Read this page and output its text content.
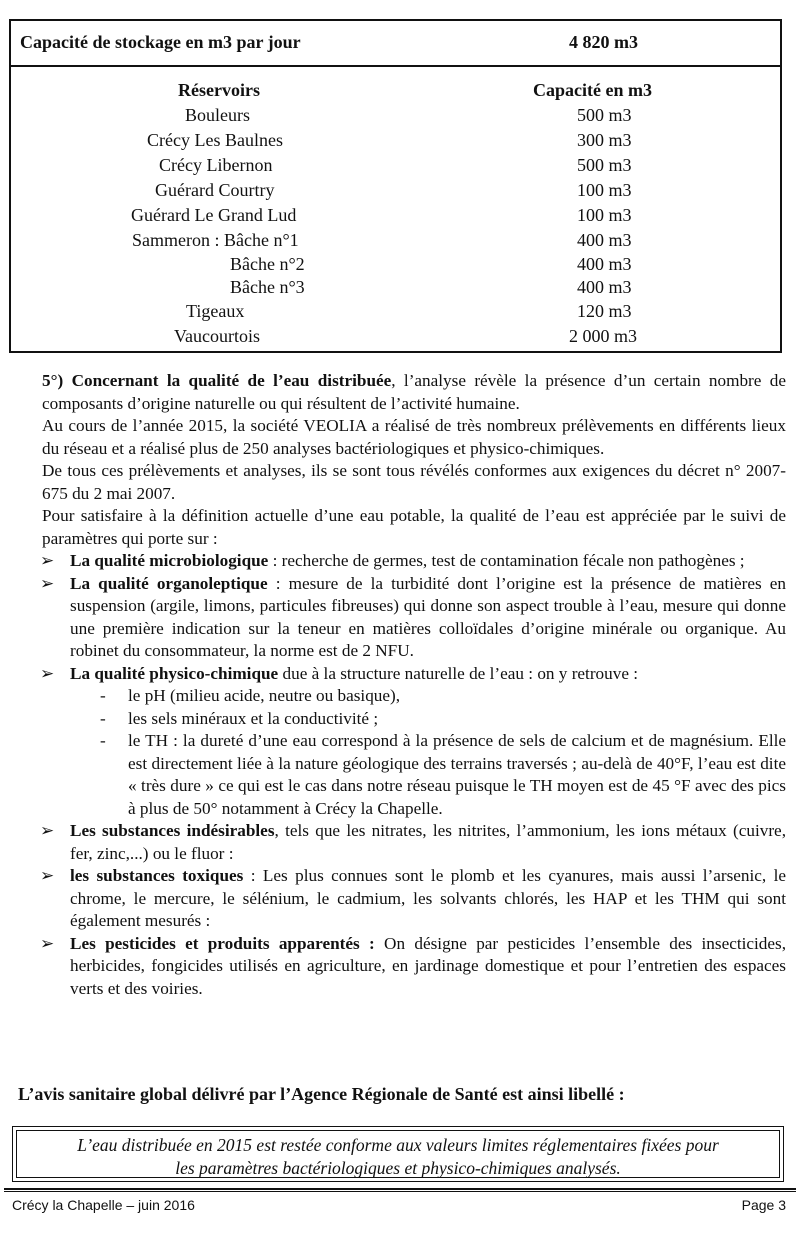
Capacité de stockage en m3 par jour	4 820 m3
Réservoirs	Capacité en m3
Bouleurs	500 m3
Crécy Les Baulnes	300 m3
Crécy Libernon	500 m3
Guérard Courtry	100 m3
Guérard Le Grand Lud	100 m3
Sammeron : Bâche n°1	400 m3
Bâche n°2	400 m3
Bâche n°3	400 m3
Tigeaux	120 m3
Vaucourtois	2 000 m3

5°) Concernant la qualité de l’eau distribuée, l’analyse révèle la présence d’un certain nombre de composants d’origine naturelle ou qui résultent de l’activité humaine.

Au cours de l’année 2015, la société VEOLIA a réalisé de très nombreux prélèvements en différents lieux du réseau et a réalisé plus de 250 analyses bactériologiques et physico-chimiques.

De tous ces prélèvements et analyses, ils se sont tous révélés conformes aux exigences du décret n° 2007-675 du 2 mai 2007.

Pour satisfaire à la définition actuelle d’une eau potable, la qualité de l’eau est appréciée par le suivi de paramètres qui porte sur :

➢ La qualité microbiologique : recherche de germes, test de contamination fécale non pathogènes ;
➢ La qualité organoleptique : mesure de la turbidité dont l’origine est la présence de matières en suspension (argile, limons, particules fibreuses) qui donne son aspect trouble à l’eau, mesure qui donne une première indication sur la teneur en matières colloïdales d’origine minérale ou organique. Au robinet du consommateur, la norme est de 2 NFU.
➢ La qualité physico-chimique due à la structure naturelle de l’eau : on y retrouve :
- le pH (milieu acide, neutre ou basique),
- les sels minéraux et la conductivité ;
- le TH : la dureté d’une eau correspond à la présence de sels de calcium et de magnésium. Elle est directement liée à la nature géologique des terrains traversés ; au-delà de 40°F, l’eau est dite « très dure » ce qui est le cas dans notre réseau puisque le TH moyen est de 45 °F avec des pics à plus de 50° notamment à Crécy la Chapelle.
➢ Les substances indésirables, tels que les nitrates, les nitrites, l’ammonium, les ions métaux (cuivre, fer, zinc,...) ou le fluor :
➢ les substances toxiques : Les plus connues sont le plomb et les cyanures, mais aussi l’arsenic, le chrome, le mercure, le sélénium, le cadmium, les solvants chlorés, les HAP et les THM qui sont également mesurés :
➢ Les pesticides et produits apparentés : On désigne par pesticides l’ensemble des insecticides, herbicides, fongicides utilisés en agriculture, en jardinage domestique et pour l’entretien des espaces verts et des voiries.
L’avis sanitaire global délivré par l’Agence Régionale de Santé est ainsi libellé :
L’eau distribuée en 2015 est restée conforme aux valeurs limites réglementaires fixées pour
les paramètres bactériologiques et physico-chimiques analysés.
Crécy la Chapelle – juin 2016	Page 3
